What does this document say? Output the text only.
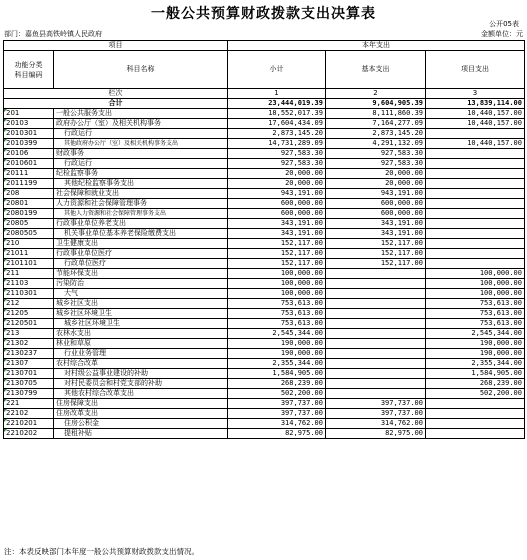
一般公共预算财政拨款支出决算表
公开05表
部门：嘉鱼县高铁岭镇人民政府	金额单位：元
项目		本年支出		
功能分类
科目编码	科目名称	小计	基本支出	项目支出

栏次		1	2	3
合计		23,444,019.39	9,604,905.39	13,839,114.00

201	一般公共服务支出	18,552,017.39	8,111,860.39	10,440,157.00

20103	政府办公厅（室）及相关机构事务	17,604,434.09	7,164,277.09	10,440,157.00

2010301	行政运行	2,873,145.20	2,873,145.20	

2010399	其他政府办公厅（室）及相关机构事务支出	14,731,289.09	4,291,132.09	10,440,157.00

20106	财政事务	927,583.30	927,583.30	

2010601	行政运行	927,583.30	927,583.30	

20111	纪检监察事务	20,000.00	20,000.00	

2011199	其他纪检监察事务支出	20,000.00	20,000.00	

208	社会保障和就业支出	943,191.00	943,191.00	

20801	人力资源和社会保障管理事务	600,000.00	600,000.00	

2080199	其他人力资源和社会保障管理事务支出	600,000.00	600,000.00	

20805	行政事业单位养老支出	343,191.00	343,191.00	

2080505	机关事业单位基本养老保险缴费支出	343,191.00	343,191.00	

210	卫生健康支出	152,117.00	152,117.00	

21011	行政事业单位医疗	152,117.00	152,117.00	

2101101	行政单位医疗	152,117.00	152,117.00	

211	节能环保支出	100,000.00		100,000.00

21103	污染防治	100,000.00		100,000.00

2110301	大气	100,000.00		100,000.00

212	城乡社区支出	753,613.00		753,613.00

21205	城乡社区环境卫生	753,613.00		753,613.00

2120501	城乡社区环境卫生	753,613.00		753,613.00

213	农林水支出	2,545,344.00		2,545,344.00

21302	林业和草原	190,000.00		190,000.00

2130237	行业业务管理	190,000.00		190,000.00

21307	农村综合改革	2,355,344.00		2,355,344.00

2130701	对村级公益事业建设的补助	1,584,905.00		1,584,905.00

2130705	对村民委员会和村党支部的补助	268,239.00		268,239.00

2130799	其他农村综合改革支出	502,200.00		502,200.00

221	住房保障支出	397,737.00	397,737.00	

22102	住房改革支出	397,737.00	397,737.00	

2210201	住房公积金	314,762.00	314,762.00	

2210202	提租补贴	82,975.00	82,975.00	
注：本表反映部门本年度一般公共预算财政拨款支出情况。
